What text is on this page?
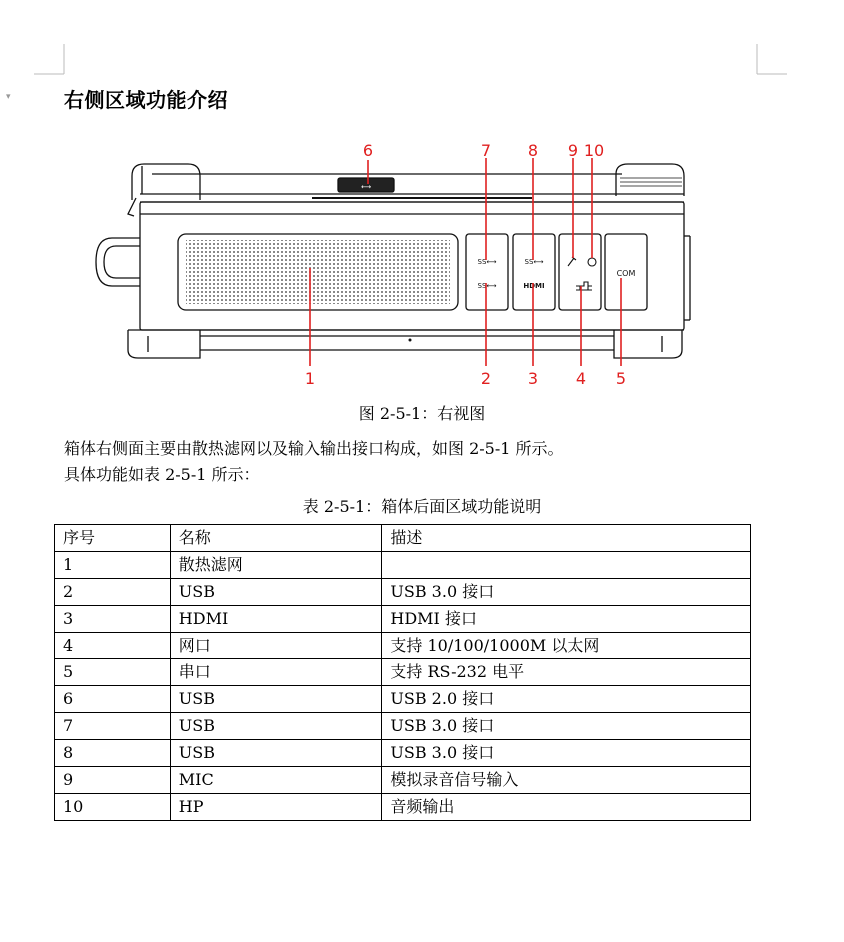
▾	右侧区域功能介绍
⟷
SS⟷
SS⟷
SS⟷
HDMI
COM
1	2 3 4 5
6	7 8 9 10

图 2-5-1：右视图

箱体右侧面主要由散热滤网以及输入输出接口构成，如图 2-5-1 所示。

具体功能如表 2-5-1 所示：

表 2-5-1：箱体后面区域功能说明

序号	名称	描述
1	散热滤网	
2	USB	USB 3.0 接口
3	HDMI	HDMI 接口
4	网口	支持 10/100/1000M 以太网
5	串口	支持 RS-232 电平
6	USB	USB 2.0 接口
7	USB	USB 3.0 接口
8	USB	USB 3.0 接口
9	MIC	模拟录音信号输入
10	HP	音频输出
